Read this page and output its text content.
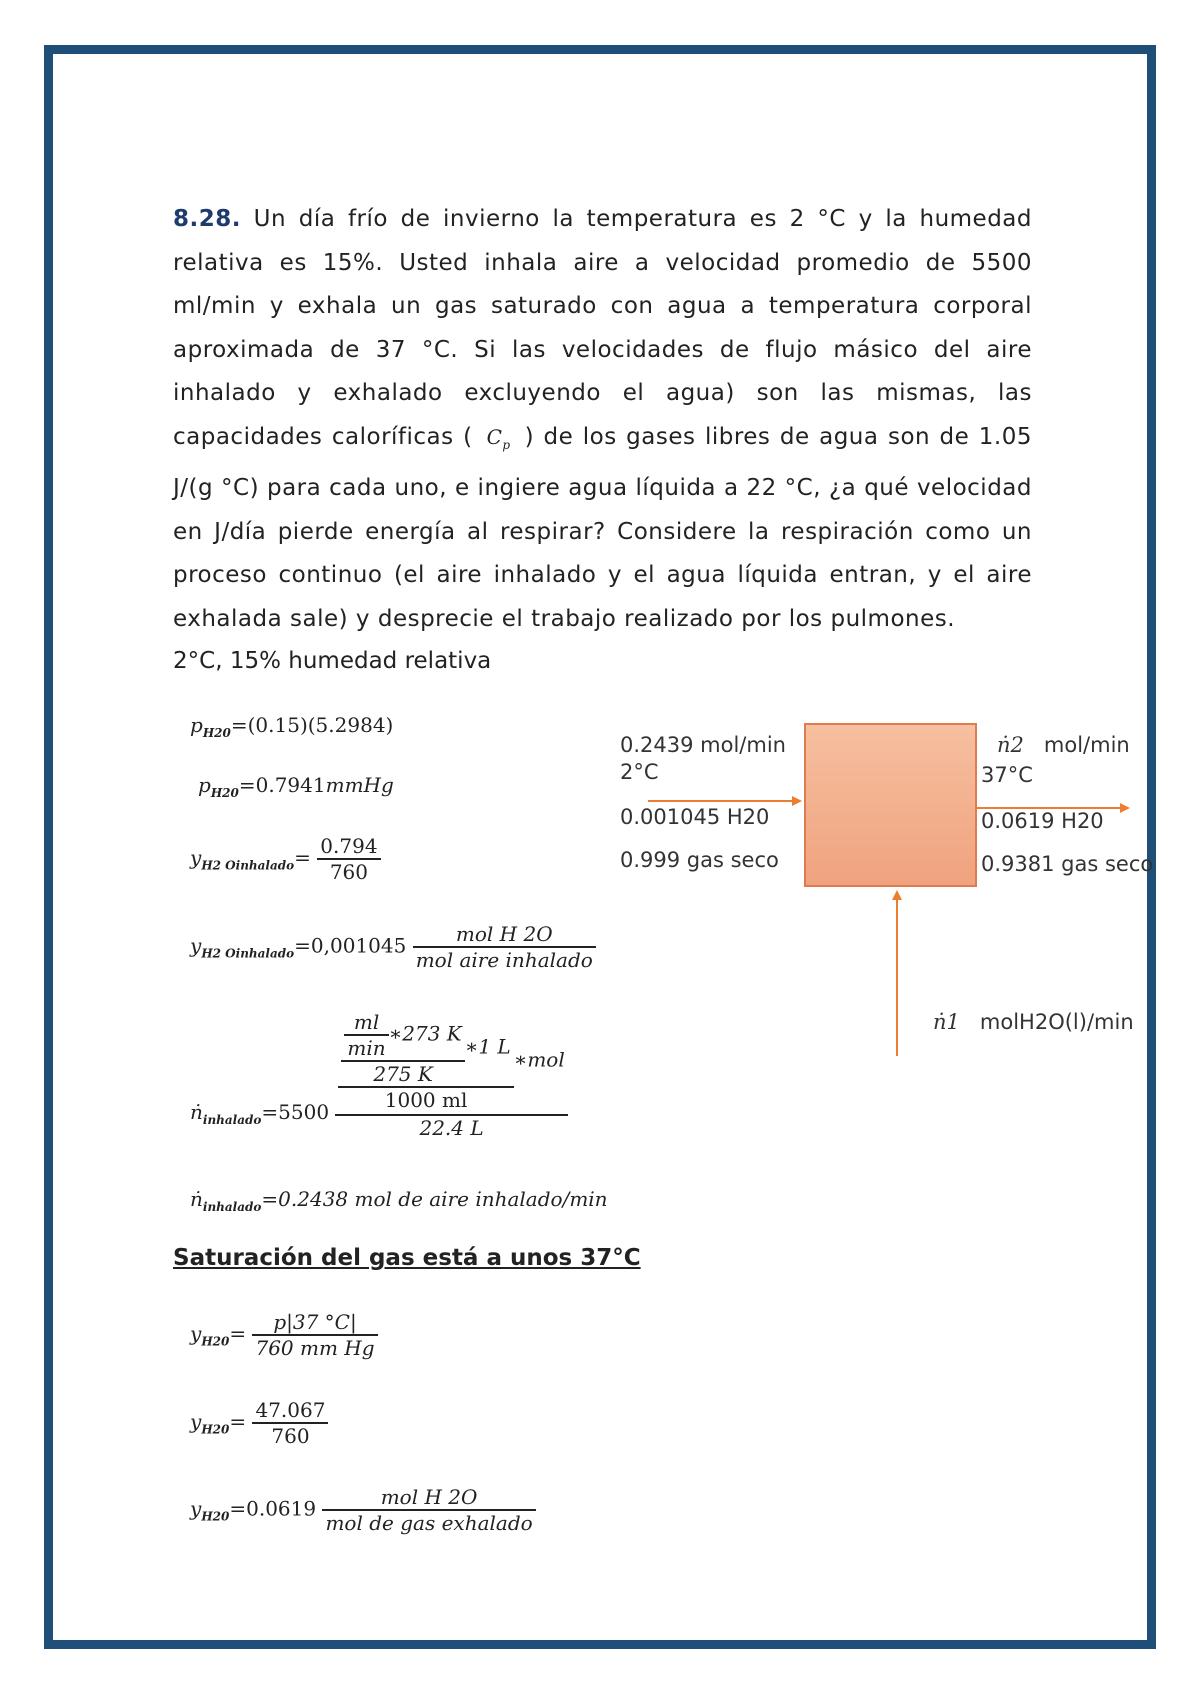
8.28. Un día frío de invierno la temperatura es 2 °C y la humedad relativa es 15%. Usted inhala aire a velocidad promedio de 5500 ml/min y exhala un gas saturado con agua a temperatura corporal aproximada de 37 °C. Si las velocidades de flujo másico del aire inhalado y exhalado excluyendo el agua) son las mismas, las capacidades caloríficas ( $C_p$ ) de los gases libres de agua son de 1.05 J/(g °C) para cada uno, e ingiere agua líquida a 22 °C, ¿a qué velocidad en J/día pierde energía al respirar? Considere la respiración como un proceso continuo (el aire inhalado y el agua líquida entran, y el aire exhalada sale) y desprecie el trabajo realizado por los pulmones.
2°C, 15% humedad relativa
$p_{H20}=(0.15)(5.2984)$
$p_{H20}=0.7941mmHg$
$y_{H2 Oinhalado}= \frac{0.794}{760}$
$y_{H2 Oinhalado}=0,001045 \frac{\text{mol H 2O}}{\text{mol aire inhalado}}$
ṅ$_{inhalado}$=5500 $\frac{\frac{\frac{ml}{\min} ∗273 K}{275 K} ∗1 L}{1000 ml}$ ∗mol
22.4 L
ṅ$_{inhalado}$=0.2438 mol de aire inhalado/min
Saturación del gas está a unos 37°C
$y_{H20}= \frac{p|37 ^\circ C|}{\text{760 mm Hg}}$
$y_{H20}= \frac{47.067}{760}$
$y_{H20}=0.0619 \frac{\text{mol H 2O}}{\text{mol de gas exhalado}}$
0.2439 mol/min
2°C
0.001045 H20
0.999 gas seco
ṅ2 mol/min
37°C
0.0619 H20
0.9381 gas seco
ṅ1 molH2O(l)/min
